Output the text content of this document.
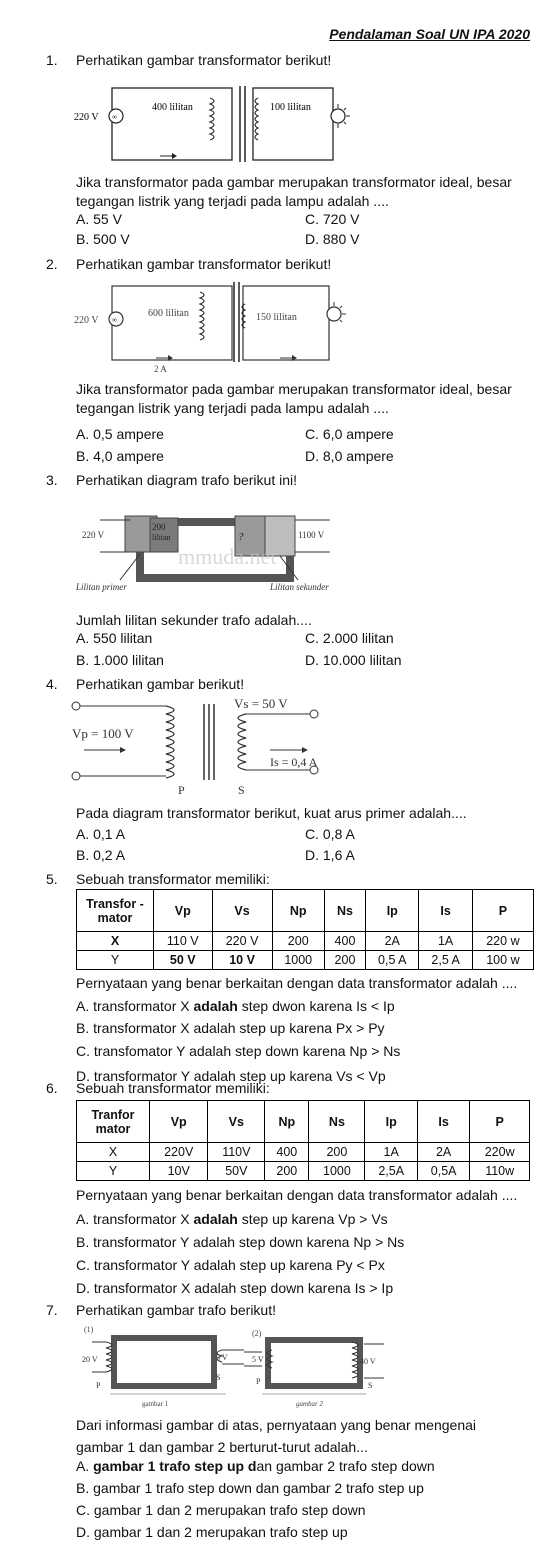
Pendalaman Soal UN IPA 2020
1. Perhatikan gambar transformator berikut!
∞
220 V
400 lilitan	100 lilitan
Jika transformator pada gambar merupakan transformator ideal, besar
tegangan listrik yang terjadi pada lampu adalah ....
A. 55 V	C. 720 V
B. 500 V	D. 880 V
2. Perhatikan gambar transformator berikut!
∞
220 V
600 lilitan	150 lilitan
2 A
Jika transformator pada gambar merupakan transformator ideal, besar
tegangan listrik yang terjadi pada lampu adalah ....
A. 0,5 ampere	C. 6,0 ampere
B. 4,0 ampere	D. 8,0 ampere
3. Perhatikan diagram trafo berikut ini!
220 V
200
lilitan	?	1100 V
mmuda.net
Lilitan primer	Lilitan sekunder
Jumlah lilitan sekunder trafo adalah....
A. 550 lilitan	C. 2.000 lilitan
B. 1.000 lilitan	D. 10.000 lilitan
4. Perhatikan gambar berikut!
Vp = 100 V
Vs = 50 V
Is = 0,4 A
P	S
Pada diagram transformator berikut, kuat arus primer adalah....
A. 0,1 A	C. 0,8 A
B. 0,2 A	D. 1,6 A
5. Sebuah transformator memiliki:
Transfor - mator	Vp	Vs	Np	Ns	Ip	Is	P
X	110 V	220 V	200	400	2A	1A	220 w
Y	50 V	10 V	1000	200	0,5 A	2,5 A	100 w
Pernyataan yang benar berkaitan dengan data transformator adalah ....
A. transformator X adalah step dwon karena Is < Ip
B. transformator X adalah step up karena Px > Py
C. transfomator Y adalah step down karena Np > Ns
D. transformator Y adalah step up karena Vs < Vp
6. Sebuah transformator memiliki:
Tranfor mator	Vp	Vs	Np	Ns	Ip	Is	P
X	220V	110V	400	200	1A	2A	220w
Y	10V	50V	200	1000	2,5A	0,5A	110w
Pernyataan yang benar berkaitan dengan data transformator adalah ....
A. transformator X adalah step up karena Vp > Vs
B. transformator Y adalah step down karena Np > Ns
C. transformator Y adalah step up karena Py < Px
D. transformator X adalah step down karena Is > Ip
7. Perhatikan gambar trafo berikut!
(1)
20 V	5 V
P
S
gambar 1
(2)
5 V	40 V
P	S
gambar 2
Dari informasi gambar di atas, pernyataan yang benar mengenai
gambar 1 dan gambar 2 berturut-turut adalah...
A. gambar 1 trafo step up dan gambar 2 trafo step down
B. gambar 1 trafo step down dan gambar 2 trafo step up
C. gambar 1 dan 2 merupakan trafo step down
D. gambar 1 dan 2 merupakan trafo step up
